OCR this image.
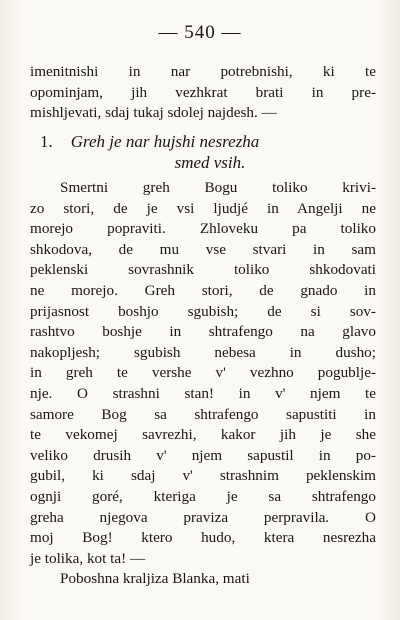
— 540 —
imenitnishi in nar potrebnishi, ki te
opominjam, jih vezhkrat brati in pre-
mishljevati, sdaj tukaj sdolej najdesh. —
1. Greh je nar hujshi nesrezha
smed vsih.
Smertni greh Bogu toliko krivi-
zo stori, de je vsi ljudjé in Angelji ne
morejo popraviti. Zhloveku pa toliko
shkodova, de mu vse stvari in sam
peklenski sovrashnik toliko shkodovati
ne morejo. Greh stori, de gnado in
prijasnost boshjo sgubish; de si sov-
rashtvo boshje in shtrafengo na glavo
nakopljesh; sgubish nebesa in dusho;
in greh te vershe v' vezhno pogublje-
nje. O strashni stan! in v' njem te
samore Bog sa shtrafengo sapustiti in
te vekomej savrezhi, kakor jih je she
veliko drusih v' njem sapustil in po-
gubil, ki sdaj v' strashnim peklenskim
ognji goré, kteriga je sa shtrafengo
greha njegova praviza perpravila. O
moj Bog! ktero hudo, ktera nesrezha
je tolika, kot ta! —
Poboshna kraljiza Blanka, mati
